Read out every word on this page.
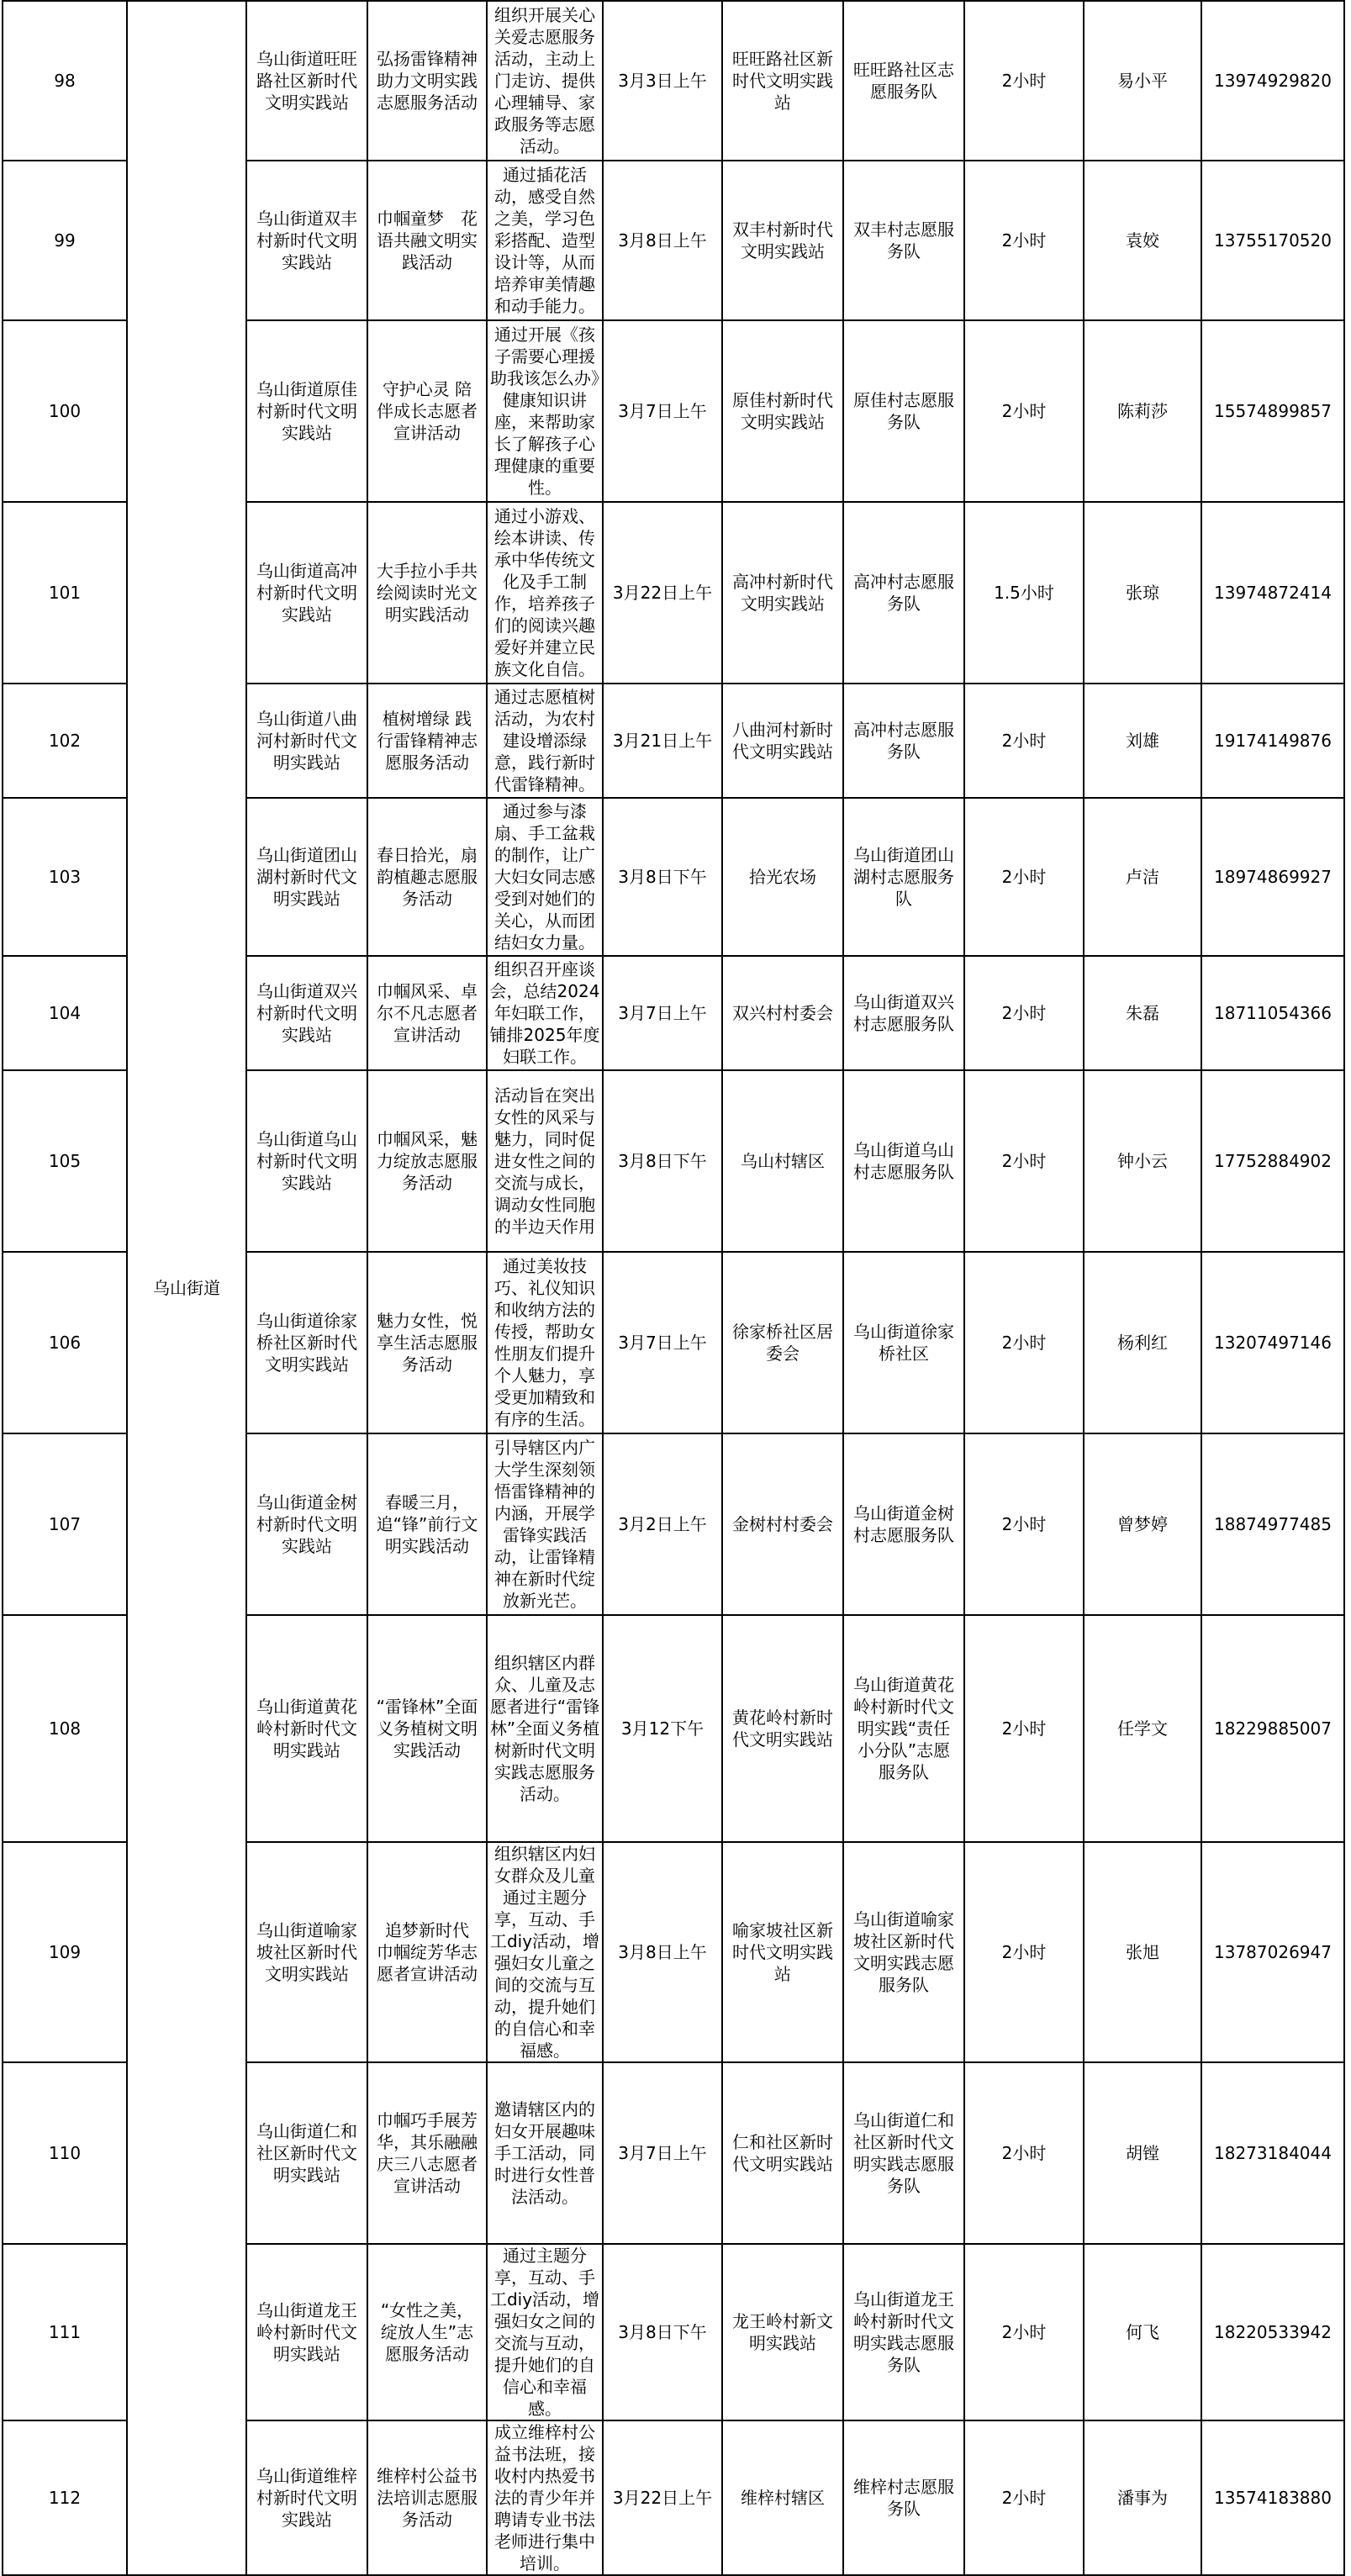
98	乌山街道	乌山街道旺旺路社区新时代文明实践站	弘扬雷锋精神助力文明实践志愿服务活动	组织开展关心关爱志愿服务活动，主动上门走访、提供心理辅导、家政服务等志愿活动。	3月3日上午	旺旺路社区新时代文明实践站	旺旺路社区志愿服务队	2小时	易小平	13974929820

99		乌山街道双丰村新时代文明实践站	巾帼童梦　花语共融文明实践活动	通过插花活动，感受自然之美，学习色彩搭配、造型设计等，从而培养审美情趣和动手能力。	3月8日上午	双丰村新时代文明实践站	双丰村志愿服务队	2小时	袁姣	13755170520

100		乌山街道原佳村新时代文明实践站	守护心灵 陪伴成长志愿者宣讲活动	通过开展《孩子需要心理援助我该怎么办》健康知识讲座，来帮助家长了解孩子心理健康的重要性。	3月7日上午	原佳村新时代文明实践站	原佳村志愿服务队	2小时	陈莉莎	15574899857

101		乌山街道高冲村新时代文明实践站	大手拉小手共绘阅读时光文明实践活动	通过小游戏、绘本讲读、传承中华传统文化及手工制作，培养孩子们的阅读兴趣爱好并建立民族文化自信。	3月22日上午	高冲村新时代文明实践站	高冲村志愿服务队	1.5小时	张琼	13974872414

102		乌山街道八曲河村新时代文明实践站	植树增绿 践行雷锋精神志愿服务活动	通过志愿植树活动，为农村建设增添绿意，践行新时代雷锋精神。	3月21日上午	八曲河村新时代文明实践站	高冲村志愿服务队	2小时	刘雄	19174149876

103		乌山街道团山湖村新时代文明实践站	春日拾光，扇韵植趣志愿服务活动	通过参与漆扇、手工盆栽的制作，让广大妇女同志感受到对她们的关心，从而团结妇女力量。	3月8日下午	拾光农场	乌山街道团山湖村志愿服务队	2小时	卢洁	18974869927

104		乌山街道双兴村新时代文明实践站	巾帼风采、卓尔不凡志愿者宣讲活动	组织召开座谈会，总结2024年妇联工作，铺排2025年度妇联工作。	3月7日上午	双兴村村委会	乌山街道双兴村志愿服务队	2小时	朱磊	18711054366

105		乌山街道乌山村新时代文明实践站	巾帼风采，魅力绽放志愿服务活动	活动旨在突出女性的风采与魅力，同时促进女性之间的交流与成长，调动女性同胞的半边天作用	3月8日下午	乌山村辖区	乌山街道乌山村志愿服务队	2小时	钟小云	17752884902

106		乌山街道徐家桥社区新时代文明实践站	魅力女性，悦享生活志愿服务活动	通过美妆技巧、礼仪知识和收纳方法的传授，帮助女性朋友们提升个人魅力，享受更加精致和有序的生活。	3月7日上午	徐家桥社区居委会	乌山街道徐家桥社区	2小时	杨利红	13207497146

107		乌山街道金树村新时代文明实践站	春暖三月，追“锋”前行文明实践活动	引导辖区内广大学生深刻领悟雷锋精神的内涵，开展学雷锋实践活动，让雷锋精神在新时代绽放新光芒。	3月2日上午	金树村村委会	乌山街道金树村志愿服务队	2小时	曾梦婷	18874977485

108		乌山街道黄花岭村新时代文明实践站	“雷锋林”全面义务植树文明实践活动	组织辖区内群众、儿童及志愿者进行“雷锋林”全面义务植树新时代文明实践志愿服务活动。	3月12下午	黄花岭村新时代文明实践站	乌山街道黄花岭村新时代文明实践“责任小分队”志愿服务队	2小时	任学文	18229885007

109		乌山街道喻家坡社区新时代文明实践站	追梦新时代 巾帼绽芳华志愿者宣讲活动	组织辖区内妇女群众及儿童通过主题分享，互动、手工diy活动，增强妇女儿童之间的交流与互动，提升她们的自信心和幸福感。	3月8日上午	喻家坡社区新时代文明实践站	乌山街道喻家坡社区新时代文明实践志愿服务队	2小时	张旭	13787026947

110		乌山街道仁和社区新时代文明实践站	巾帼巧手展芳华，其乐融融庆三八志愿者宣讲活动	邀请辖区内的妇女开展趣味手工活动，同时进行女性普法活动。	3月7日上午	仁和社区新时代文明实践站	乌山街道仁和社区新时代文明实践志愿服务队	2小时	胡镗	18273184044

111		乌山街道龙王岭村新时代文明实践站	“女性之美，绽放人生”志愿服务活动	通过主题分享，互动、手工diy活动，增强妇女之间的交流与互动，提升她们的自信心和幸福感。	3月8日下午	龙王岭村新文明实践站	乌山街道龙王岭村新时代文明实践志愿服务队	2小时	何飞	18220533942

112		乌山街道维梓村新时代文明实践站	维梓村公益书法培训志愿服务活动	成立维梓村公益书法班，接收村内热爱书法的青少年并聘请专业书法老师进行集中培训。	3月22日上午	维梓村辖区	维梓村志愿服务队	2小时	潘事为	13574183880
